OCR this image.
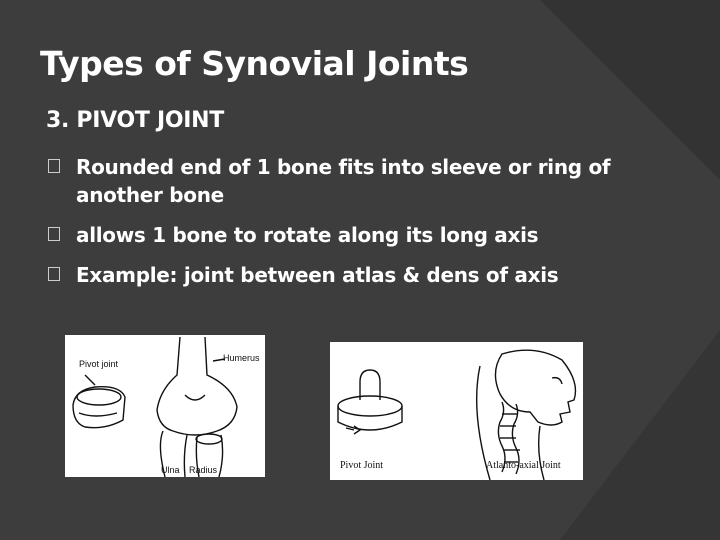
Types of Synovial Joints
3. PIVOT JOINT
Rounded end of 1 bone fits into sleeve or ring of another bone
allows 1 bone to rotate along its long axis
Example: joint between atlas & dens of axis
Pivot joint
Humerus
Ulna Radius	Pivot Joint	Atlanto-axial Joint
